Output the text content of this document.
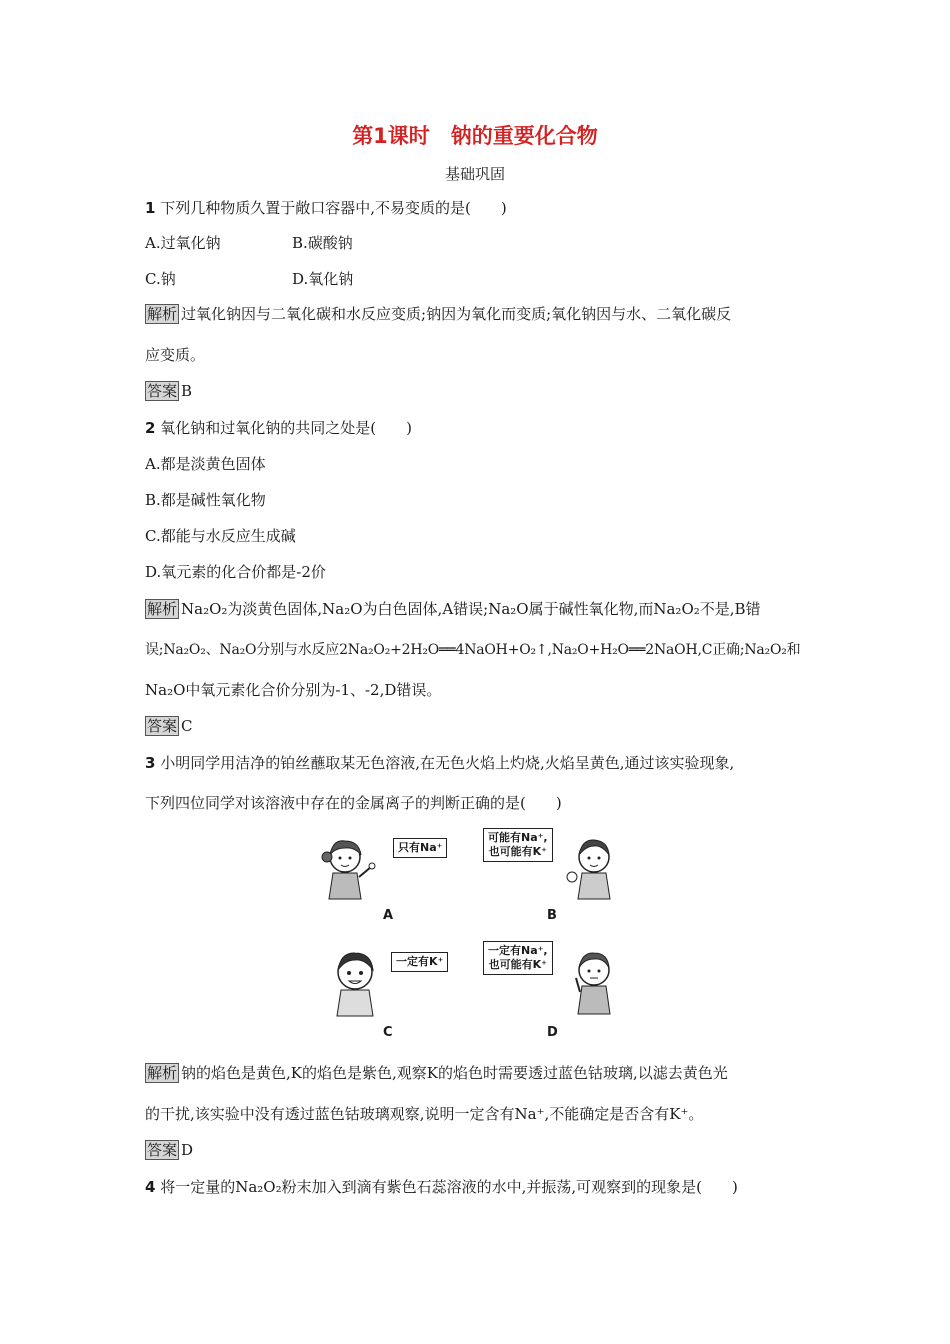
第1课时　钠的重要化合物
基础巩固
1 下列几种物质久置于敞口容器中,不易变质的是(　　)
A.过氧化钠	B.碳酸钠
C.钠	D.氧化钠
解析 过氧化钠因与二氧化碳和水反应变质;钠因为氧化而变质;氧化钠因与水、二氧化碳反
应变质。
答案 B
2 氧化钠和过氧化钠的共同之处是(　　)
A.都是淡黄色固体
B.都是碱性氧化物
C.都能与水反应生成碱
D.氧元素的化合价都是-2价
解析 Na₂O₂为淡黄色固体,Na₂O为白色固体,A错误;Na₂O属于碱性氧化物,而Na₂O₂不是,B错
误;Na₂O₂、Na₂O分别与水反应2Na₂O₂+2H₂O══4NaOH+O₂↑,Na₂O+H₂O══2NaOH,C正确;Na₂O₂和
Na₂O中氧元素化合价分别为-1、-2,D错误。
答案 C
3 小明同学用洁净的铂丝蘸取某无色溶液,在无色火焰上灼烧,火焰呈黄色,通过该实验现象,
下列四位同学对该溶液中存在的金属离子的判断正确的是(　　)
只有Na⁺
A
可能有Na⁺,
也可能有K⁺
B
一定有K⁺
C
一定有Na⁺,
也可能有K⁺
D
解析 钠的焰色是黄色,K的焰色是紫色,观察K的焰色时需要透过蓝色钴玻璃,以滤去黄色光
的干扰,该实验中没有透过蓝色钴玻璃观察,说明一定含有Na⁺,不能确定是否含有K⁺。
答案 D
4 将一定量的Na₂O₂粉末加入到滴有紫色石蕊溶液的水中,并振荡,可观察到的现象是(　　)
